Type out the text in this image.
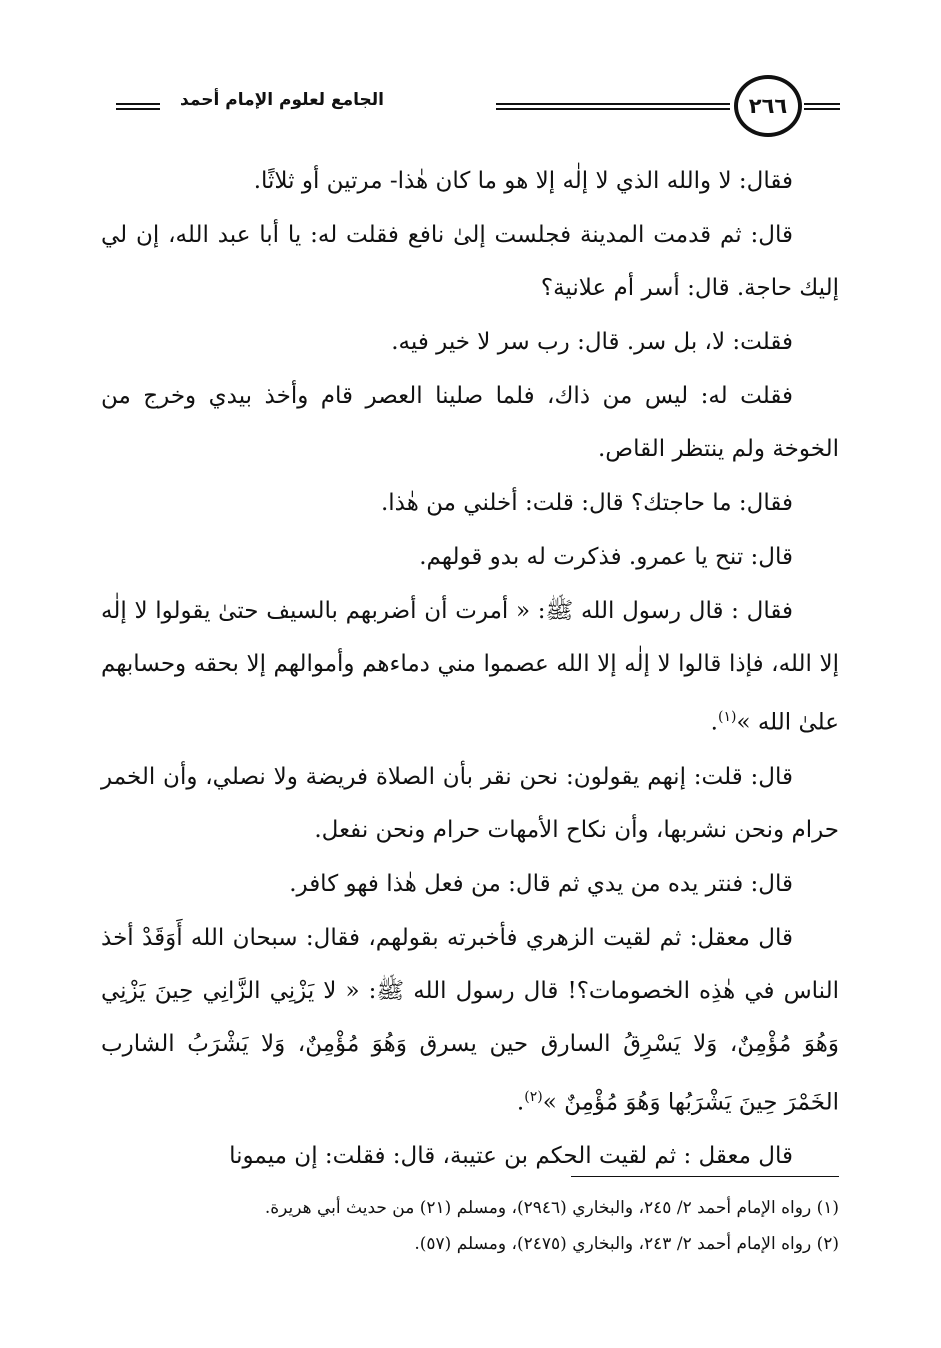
٢٦٦
الجامع لعلوم الإمام أحمد

فقال: لا والله الذي لا إلٰه إلا هو ما كان هٰذا- مرتين أو ثلاثًا.

قال: ثم قدمت المدينة فجلست إلىٰ نافع فقلت له: يا أبا عبد الله، إن لي إليك حاجة. قال: أسر أم علانية؟

فقلت: لا، بل سر. قال: رب سر لا خير فيه.

فقلت له: ليس من ذاك، فلما صلينا العصر قام وأخذ بيدي وخرج من الخوخة ولم ينتظر القاص.

فقال: ما حاجتك؟ قال: قلت: أخلني من هٰذا.

قال: تنح يا عمرو. فذكرت له بدو قولهم.

فقال : قال رسول الله ﷺ: « أمرت أن أضربهم بالسيف حتىٰ يقولوا لا إلٰه إلا الله، فإذا قالوا لا إلٰه إلا الله عصموا مني دماءهم وأموالهم إلا بحقه وحسابهم علىٰ الله »$^{(١)}$.

قال: قلت: إنهم يقولون: نحن نقر بأن الصلاة فريضة ولا نصلي، وأن الخمر حرام ونحن نشربها، وأن نكاح الأمهات حرام ونحن نفعل.

قال: فنتر يده من يدي ثم قال: من فعل هٰذا فهو كافر.

قال معقل: ثم لقيت الزهري فأخبرته بقولهم، فقال: سبحان الله أَوَقَدْ أخذ الناس في هٰذِه الخصومات؟! قال رسول الله ﷺ: « لا يَزْنِي الزَّانِي حِينَ يَزْنِي وَهُوَ مُؤْمِنٌ، وَلا يَسْرِقُ السارق حين يسرق وَهُوَ مُؤْمِنٌ، وَلا يَشْرَبُ الشارب الخَمْرَ حِينَ يَشْرَبُها وَهُوَ مُؤْمِنٌ »$^{(٢)}$.

قال معقل : ثم لقيت الحكم بن عتيبة، قال: فقلت: إن ميمونا

(١) رواه الإمام أحمد ٢/ ٢٤٥، والبخاري (٢٩٤٦)، ومسلم (٢١) من حديث أبي هريرة.
(٢) رواه الإمام أحمد ٢/ ٢٤٣، والبخاري (٢٤٧٥)، ومسلم (٥٧).
